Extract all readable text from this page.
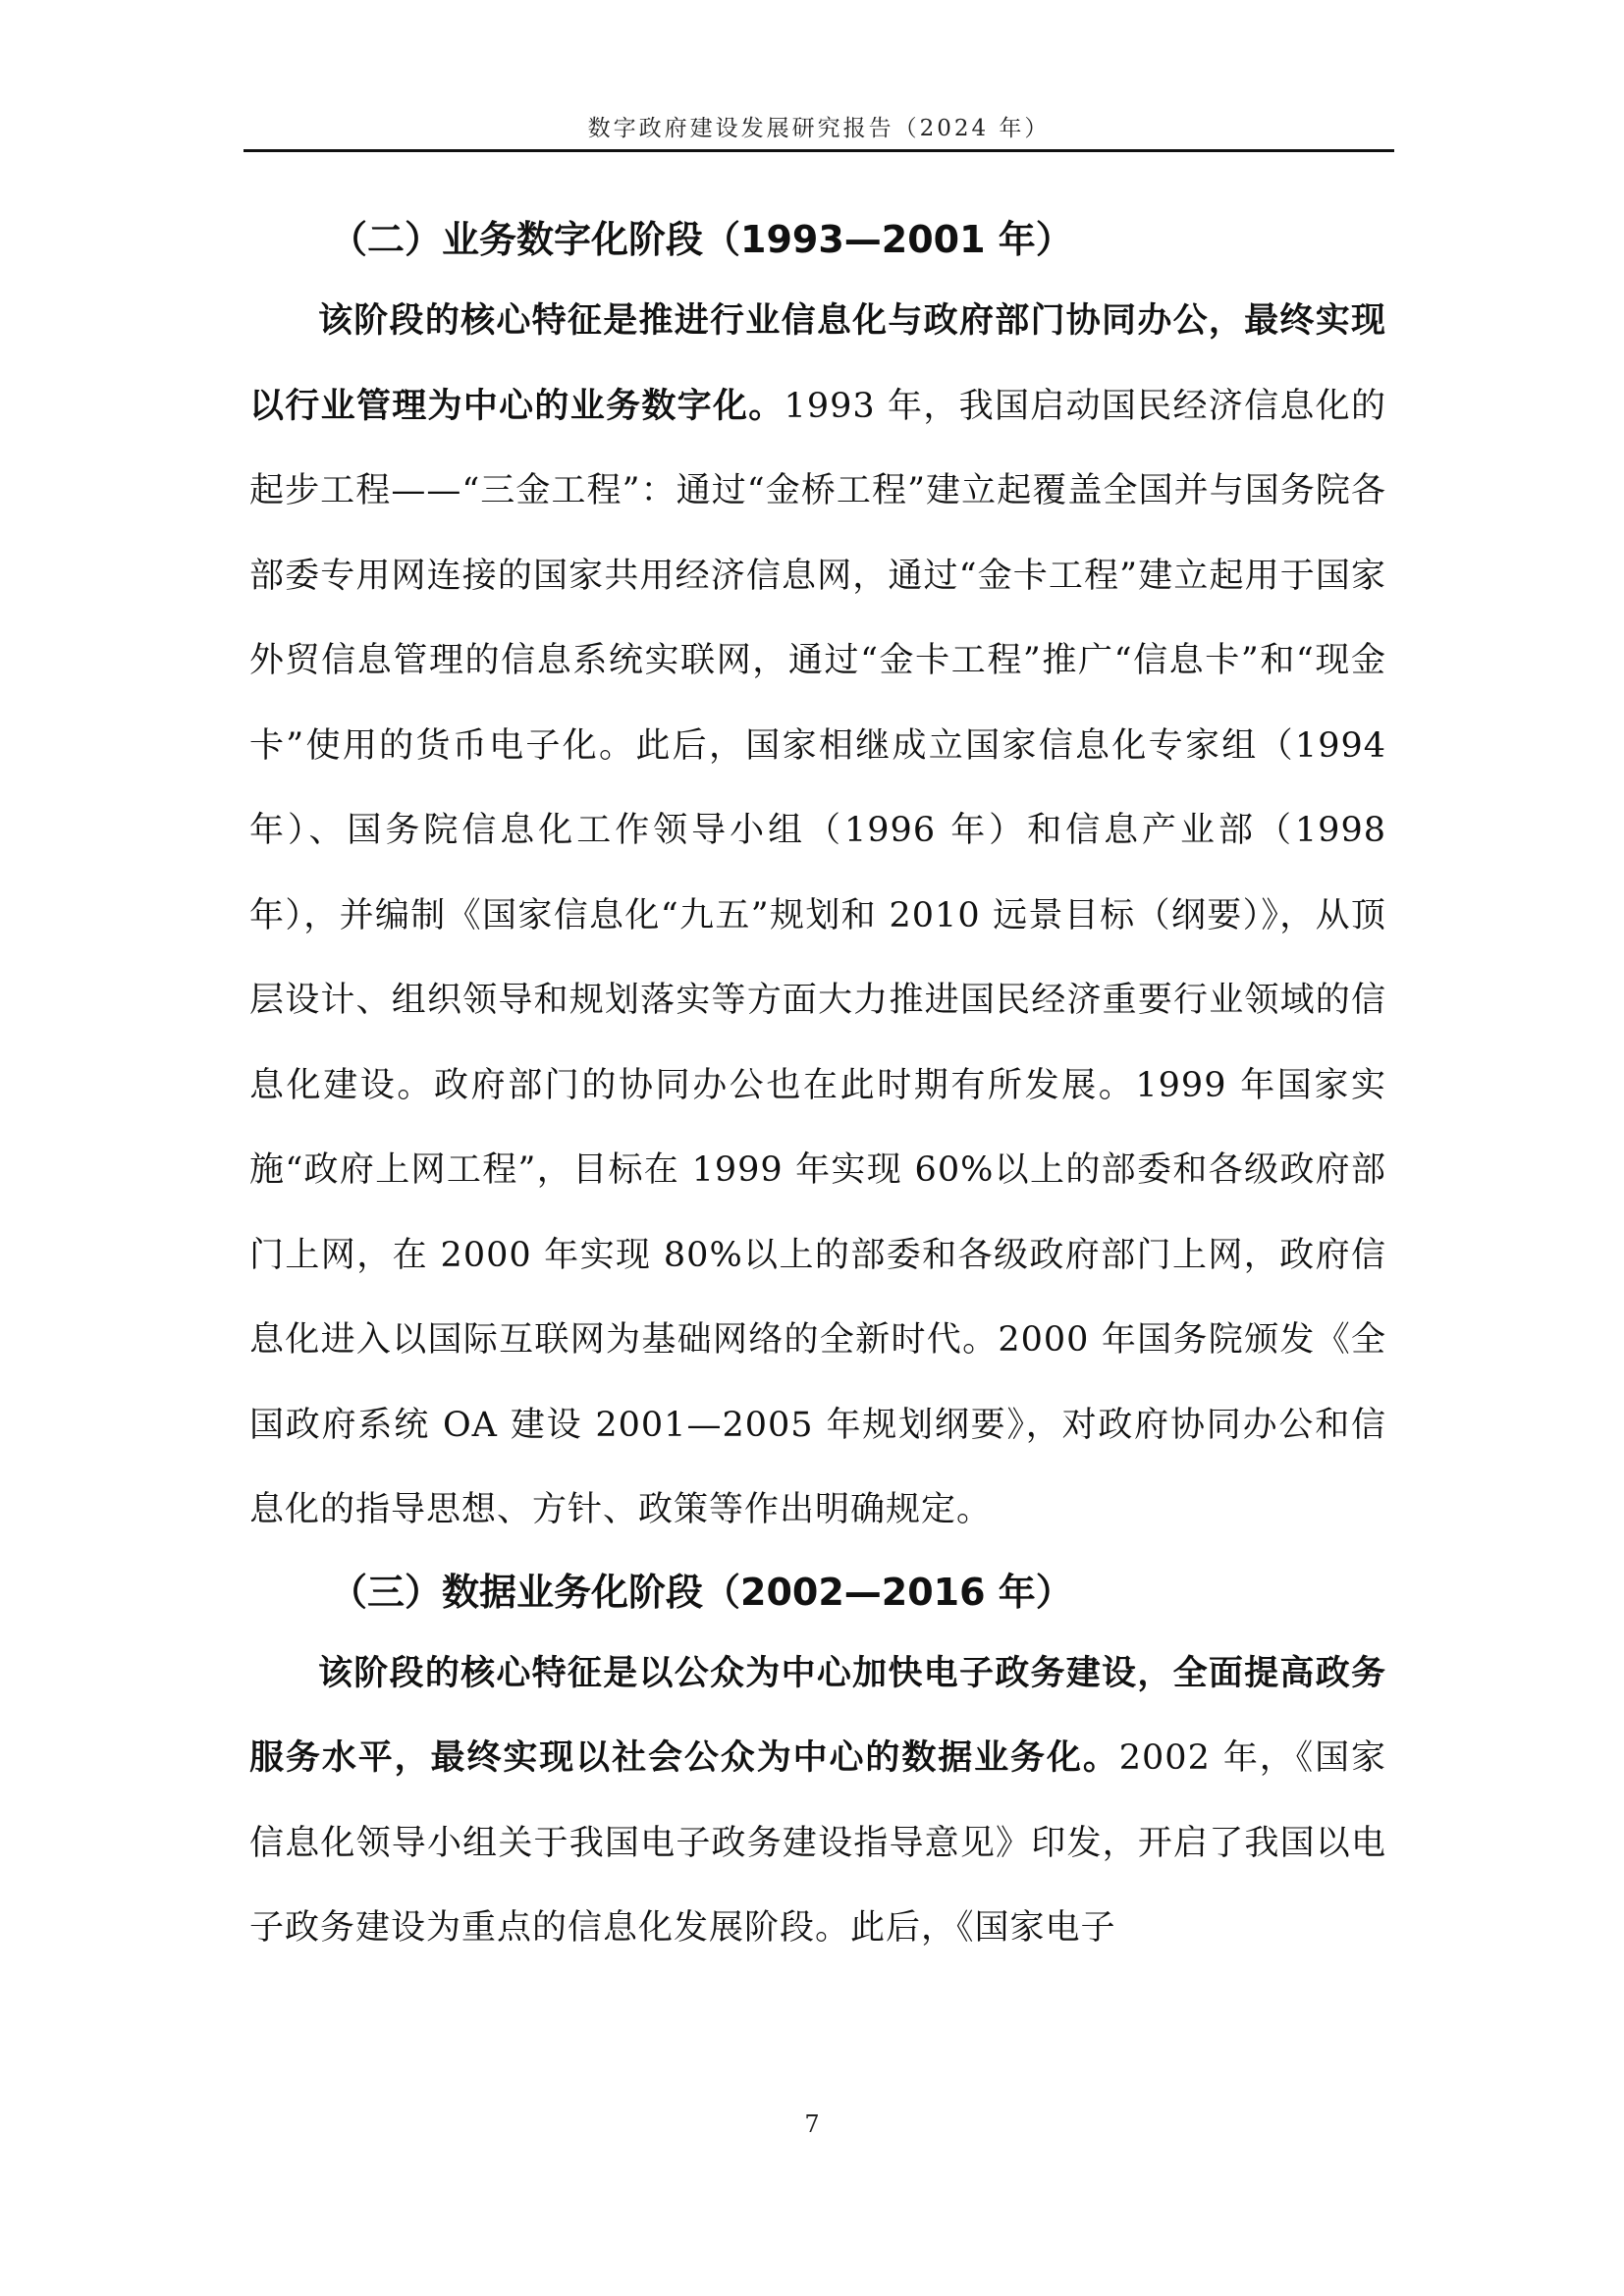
数字政府建设发展研究报告（2024 年）
（二）业务数字化阶段（1993—2001 年）

该阶段的核心特征是推进行业信息化与政府部门协同办公，最终实现以行业管理为中心的业务数字化。1993 年，我国启动国民经济信息化的起步工程——“三金工程”：通过“金桥工程”建立起覆盖全国并与国务院各部委专用网连接的国家共用经济信息网，通过“金卡工程”建立起用于国家外贸信息管理的信息系统实联网，通过“金卡工程”推广“信息卡”和“现金卡”使用的货币电子化。此后，国家相继成立国家信息化专家组（1994 年）、国务院信息化工作领导小组（1996 年）和信息产业部（1998 年），并编制《国家信息化“九五”规划和 2010 远景目标（纲要）》，从顶层设计、组织领导和规划落实等方面大力推进国民经济重要行业领域的信息化建设。政府部门的协同办公也在此时期有所发展。1999 年国家实施“政府上网工程”，目标在 1999 年实现 60%以上的部委和各级政府部门上网，在 2000 年实现 80%以上的部委和各级政府部门上网，政府信息化进入以国际互联网为基础网络的全新时代。2000 年国务院颁发《全国政府系统 OA 建设 2001—2005 年规划纲要》，对政府协同办公和信息化的指导思想、方针、政策等作出明确规定。

（三）数据业务化阶段（2002—2016 年）

该阶段的核心特征是以公众为中心加快电子政务建设，全面提高政务服务水平，最终实现以社会公众为中心的数据业务化。2002 年，《国家信息化领导小组关于我国电子政务建设指导意见》印发，开启了我国以电子政务建设为重点的信息化发展阶段。此后，《国家电子

7
